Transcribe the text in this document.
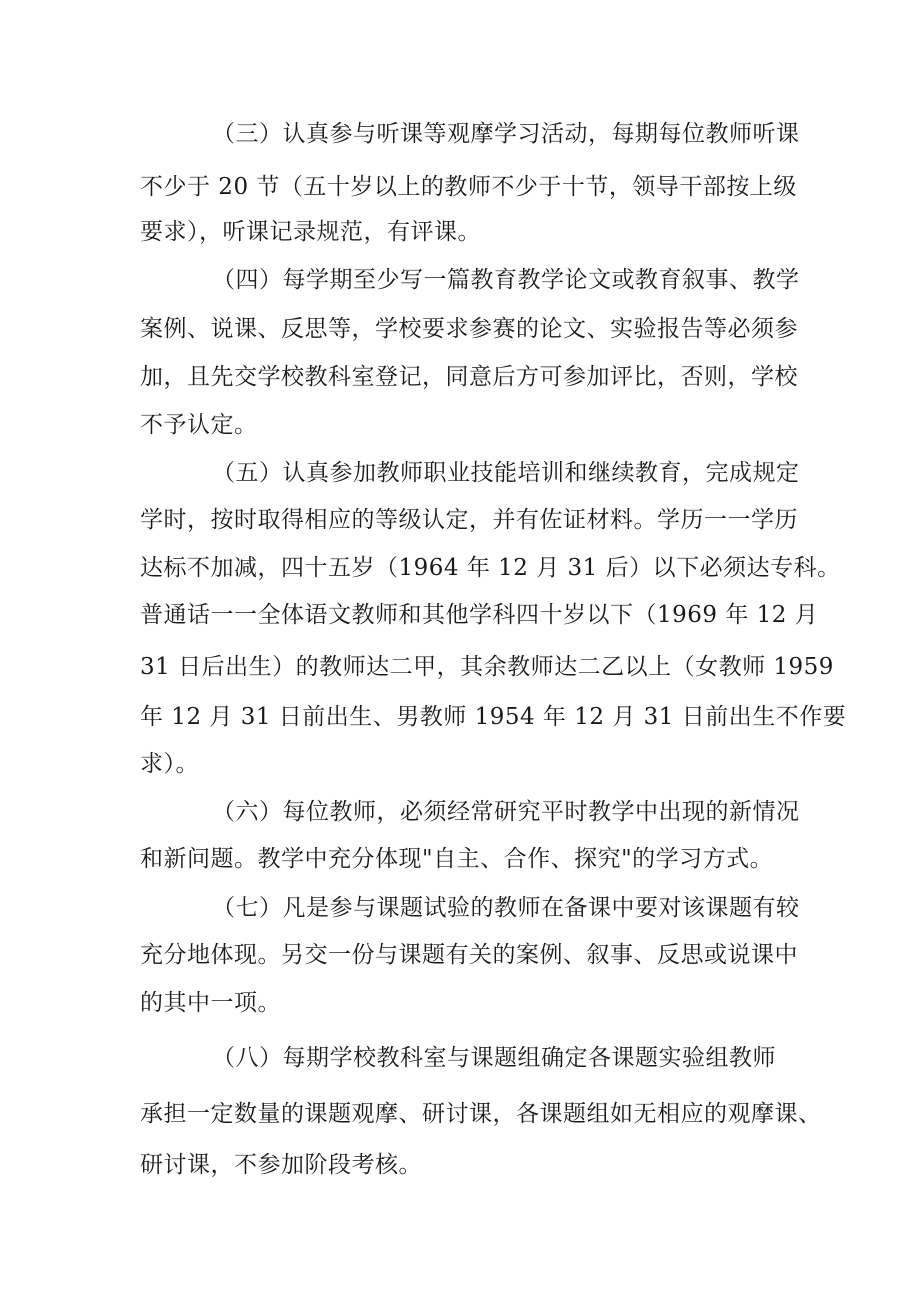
（三）认真参与听课等观摩学习活动，每期每位教师听课
不少于 20 节（五十岁以上的教师不少于十节，领导干部按上级
要求），听课记录规范，有评课。
（四）每学期至少写一篇教育教学论文或教育叙事、教学
案例、说课、反思等，学校要求参赛的论文、实验报告等必须参
加，且先交学校教科室登记，同意后方可参加评比，否则，学校
不予认定。
（五）认真参加教师职业技能培训和继续教育，完成规定
学时，按时取得相应的等级认定，并有佐证材料。学历一一学历
达标不加减，四十五岁（1964 年 12 月 31 后）以下必须达专科。
普通话一一全体语文教师和其他学科四十岁以下（1969 年 12 月
31 日后出生）的教师达二甲，其余教师达二乙以上（女教师 1959
年 12 月 31 日前出生、男教师 1954 年 12 月 31 日前出生不作要
求）。
（六）每位教师，必须经常研究平时教学中出现的新情况
和新问题。教学中充分体现"自主、合作、探究"的学习方式。
（七）凡是参与课题试验的教师在备课中要对该课题有较
充分地体现。另交一份与课题有关的案例、叙事、反思或说课中
的其中一项。
（八）每期学校教科室与课题组确定各课题实验组教师
承担一定数量的课题观摩、研讨课，各课题组如无相应的观摩课、
研讨课，不参加阶段考核。
